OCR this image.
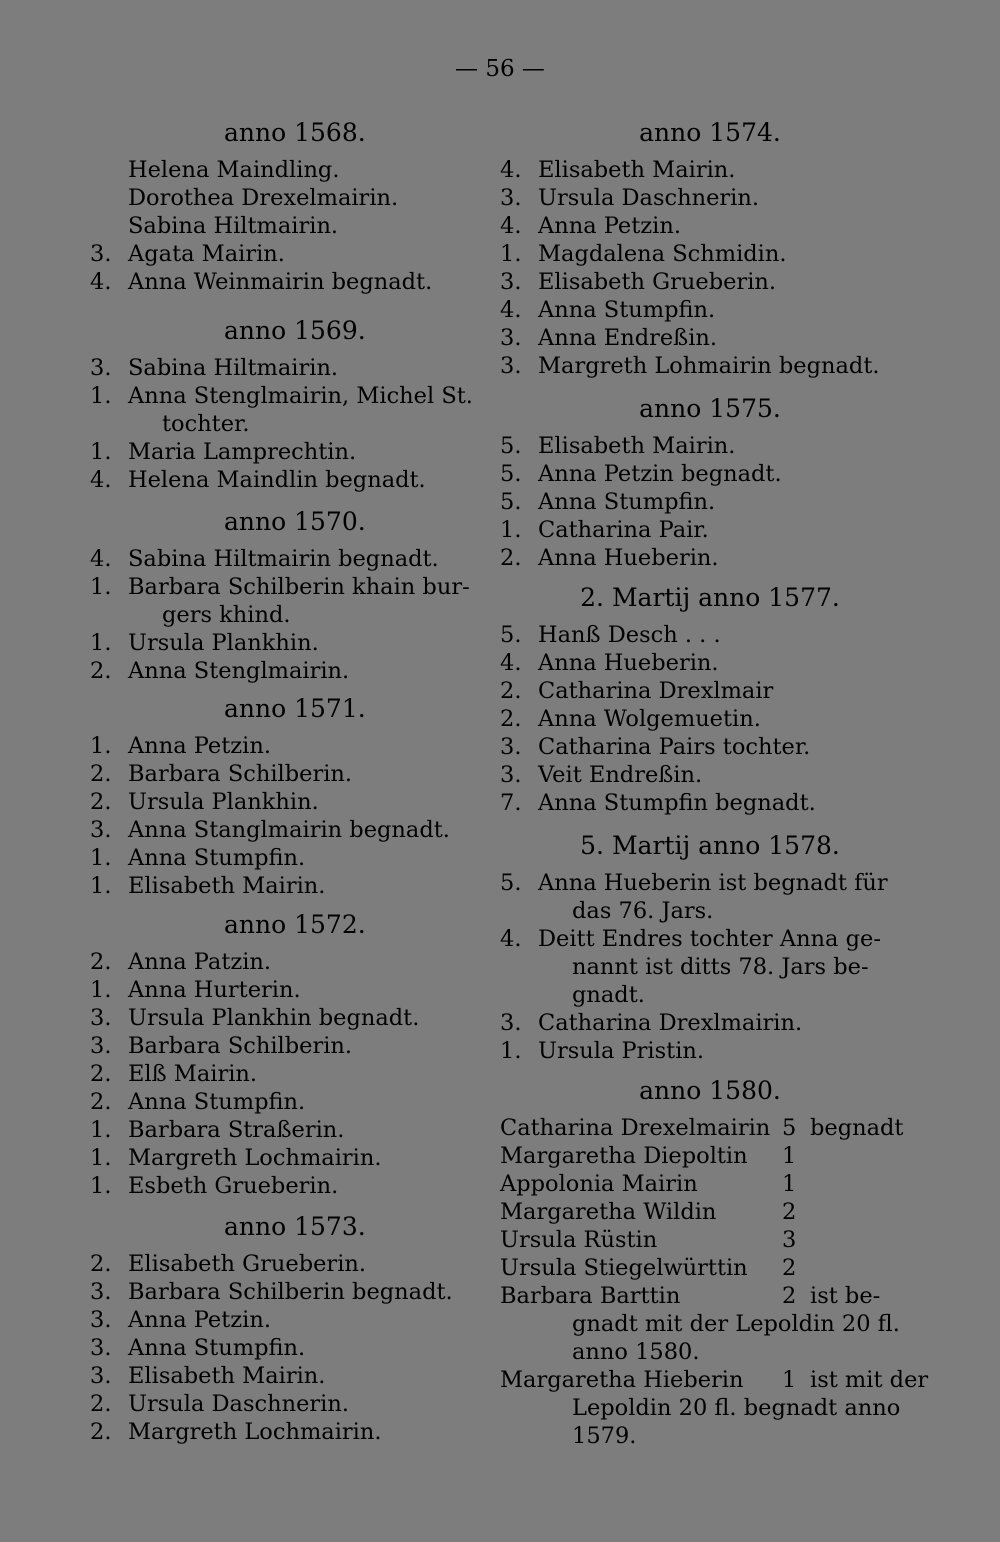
— 56 —
anno 1568.
Helena Maindling.
Dorothea Drexelmairin.
Sabina Hiltmairin.
3. Agata Mairin.
4. Anna Weinmairin begnadt.
anno 1569.
3. Sabina Hiltmairin.
1. Anna Stenglmairin, Michel St.
tochter.
1. Maria Lamprechtin.
4. Helena Maindlin begnadt.
anno 1570.
4. Sabina Hiltmairin begnadt.
1. Barbara Schilberin khain bur-
gers khind.
1. Ursula Plankhin.
2. Anna Stenglmairin.
anno 1571.
1. Anna Petzin.
2. Barbara Schilberin.
2. Ursula Plankhin.
3. Anna Stanglmairin begnadt.
1. Anna Stumpfin.
1. Elisabeth Mairin.
anno 1572.
2. Anna Patzin.
1. Anna Hurterin.
3. Ursula Plankhin begnadt.
3. Barbara Schilberin.
2. Elß Mairin.
2. Anna Stumpfin.
1. Barbara Straßerin.
1. Margreth Lochmairin.
1. Esbeth Grueberin.
anno 1573.
2. Elisabeth Grueberin.
3. Barbara Schilberin begnadt.
3. Anna Petzin.
3. Anna Stumpfin.
3. Elisabeth Mairin.
2. Ursula Daschnerin.
2. Margreth Lochmairin.
anno 1574.
4. Elisabeth Mairin.
3. Ursula Daschnerin.
4. Anna Petzin.
1. Magdalena Schmidin.
3. Elisabeth Grueberin.
4. Anna Stumpfin.
3. Anna Endreßin.
3. Margreth Lohmairin begnadt.
anno 1575.
5. Elisabeth Mairin.
5. Anna Petzin begnadt.
5. Anna Stumpfin.
1. Catharina Pair.
2. Anna Hueberin.
2. Martij anno 1577.
5. Hanß Desch . . .
4. Anna Hueberin.
2. Catharina Drexlmair
2. Anna Wolgemuetin.
3. Catharina Pairs tochter.
3. Veit Endreßin.
7. Anna Stumpfin begnadt.
5. Martij anno 1578.
5. Anna Hueberin ist begnadt für
das 76. Jars.
4. Deitt Endres tochter Anna ge-
nannt ist ditts 78. Jars be-
gnadt.
3. Catharina Drexlmairin.
1. Ursula Pristin.
anno 1580.
Catharina Drexelmairin 5 begnadt
Margaretha Diepoltin 1
Appolonia Mairin	1
Margaretha Wildin	2
Ursula Rüstin	3
Ursula Stiegelwürttin 2
Barbara Barttin	2 ist be-
gnadt mit der Lepoldin 20 fl.
anno 1580.
Margaretha Hieberin 1 ist mit der
Lepoldin 20 fl. begnadt anno
1579.
